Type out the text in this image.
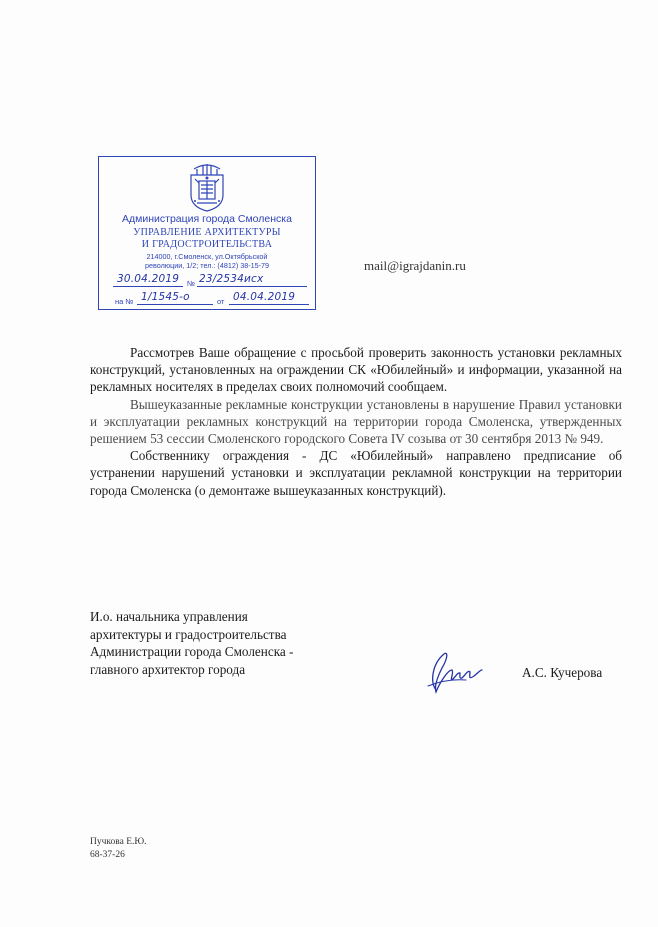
Администрация города Смоленска
УПРАВЛЕНИЕ АРХИТЕКТУРЫ
И ГРАДОСТРОИТЕЛЬСТВА
214000, г.Смоленск, ул.Октябрьской
революции, 1/2; тел.: (4812) 38-15-79
30.04.2019 № 23/2534исх
на № 1/1545-о	от 04.04.2019
mail@igrajdanin.ru

Рассмотрев Ваше обращение с просьбой проверить законность установки рекламных конструкций, установленных на ограждении СК «Юбилейный» и информации, указанной на рекламных носителях в пределах своих полномочий сообщаем.

Вышеуказанные рекламные конструкции установлены в нарушение Правил установки и эксплуатации рекламных конструкций на территории города Смоленска, утвержденных решением 53 сессии Смоленского городского Совета IV созыва от 30 сентября 2013 № 949.

Собственнику ограждения - ДС «Юбилейный» направлено предписание об устранении нарушений установки и эксплуатации рекламной конструкции на территории города Смоленска (о демонтаже вышеуказанных конструкций).

И.о. начальника управления
архитектуры и градостроительства
Администрации города Смоленска -
главного архитектор города	А.С. Кучерова
Пучкова Е.Ю.
68-37-26
